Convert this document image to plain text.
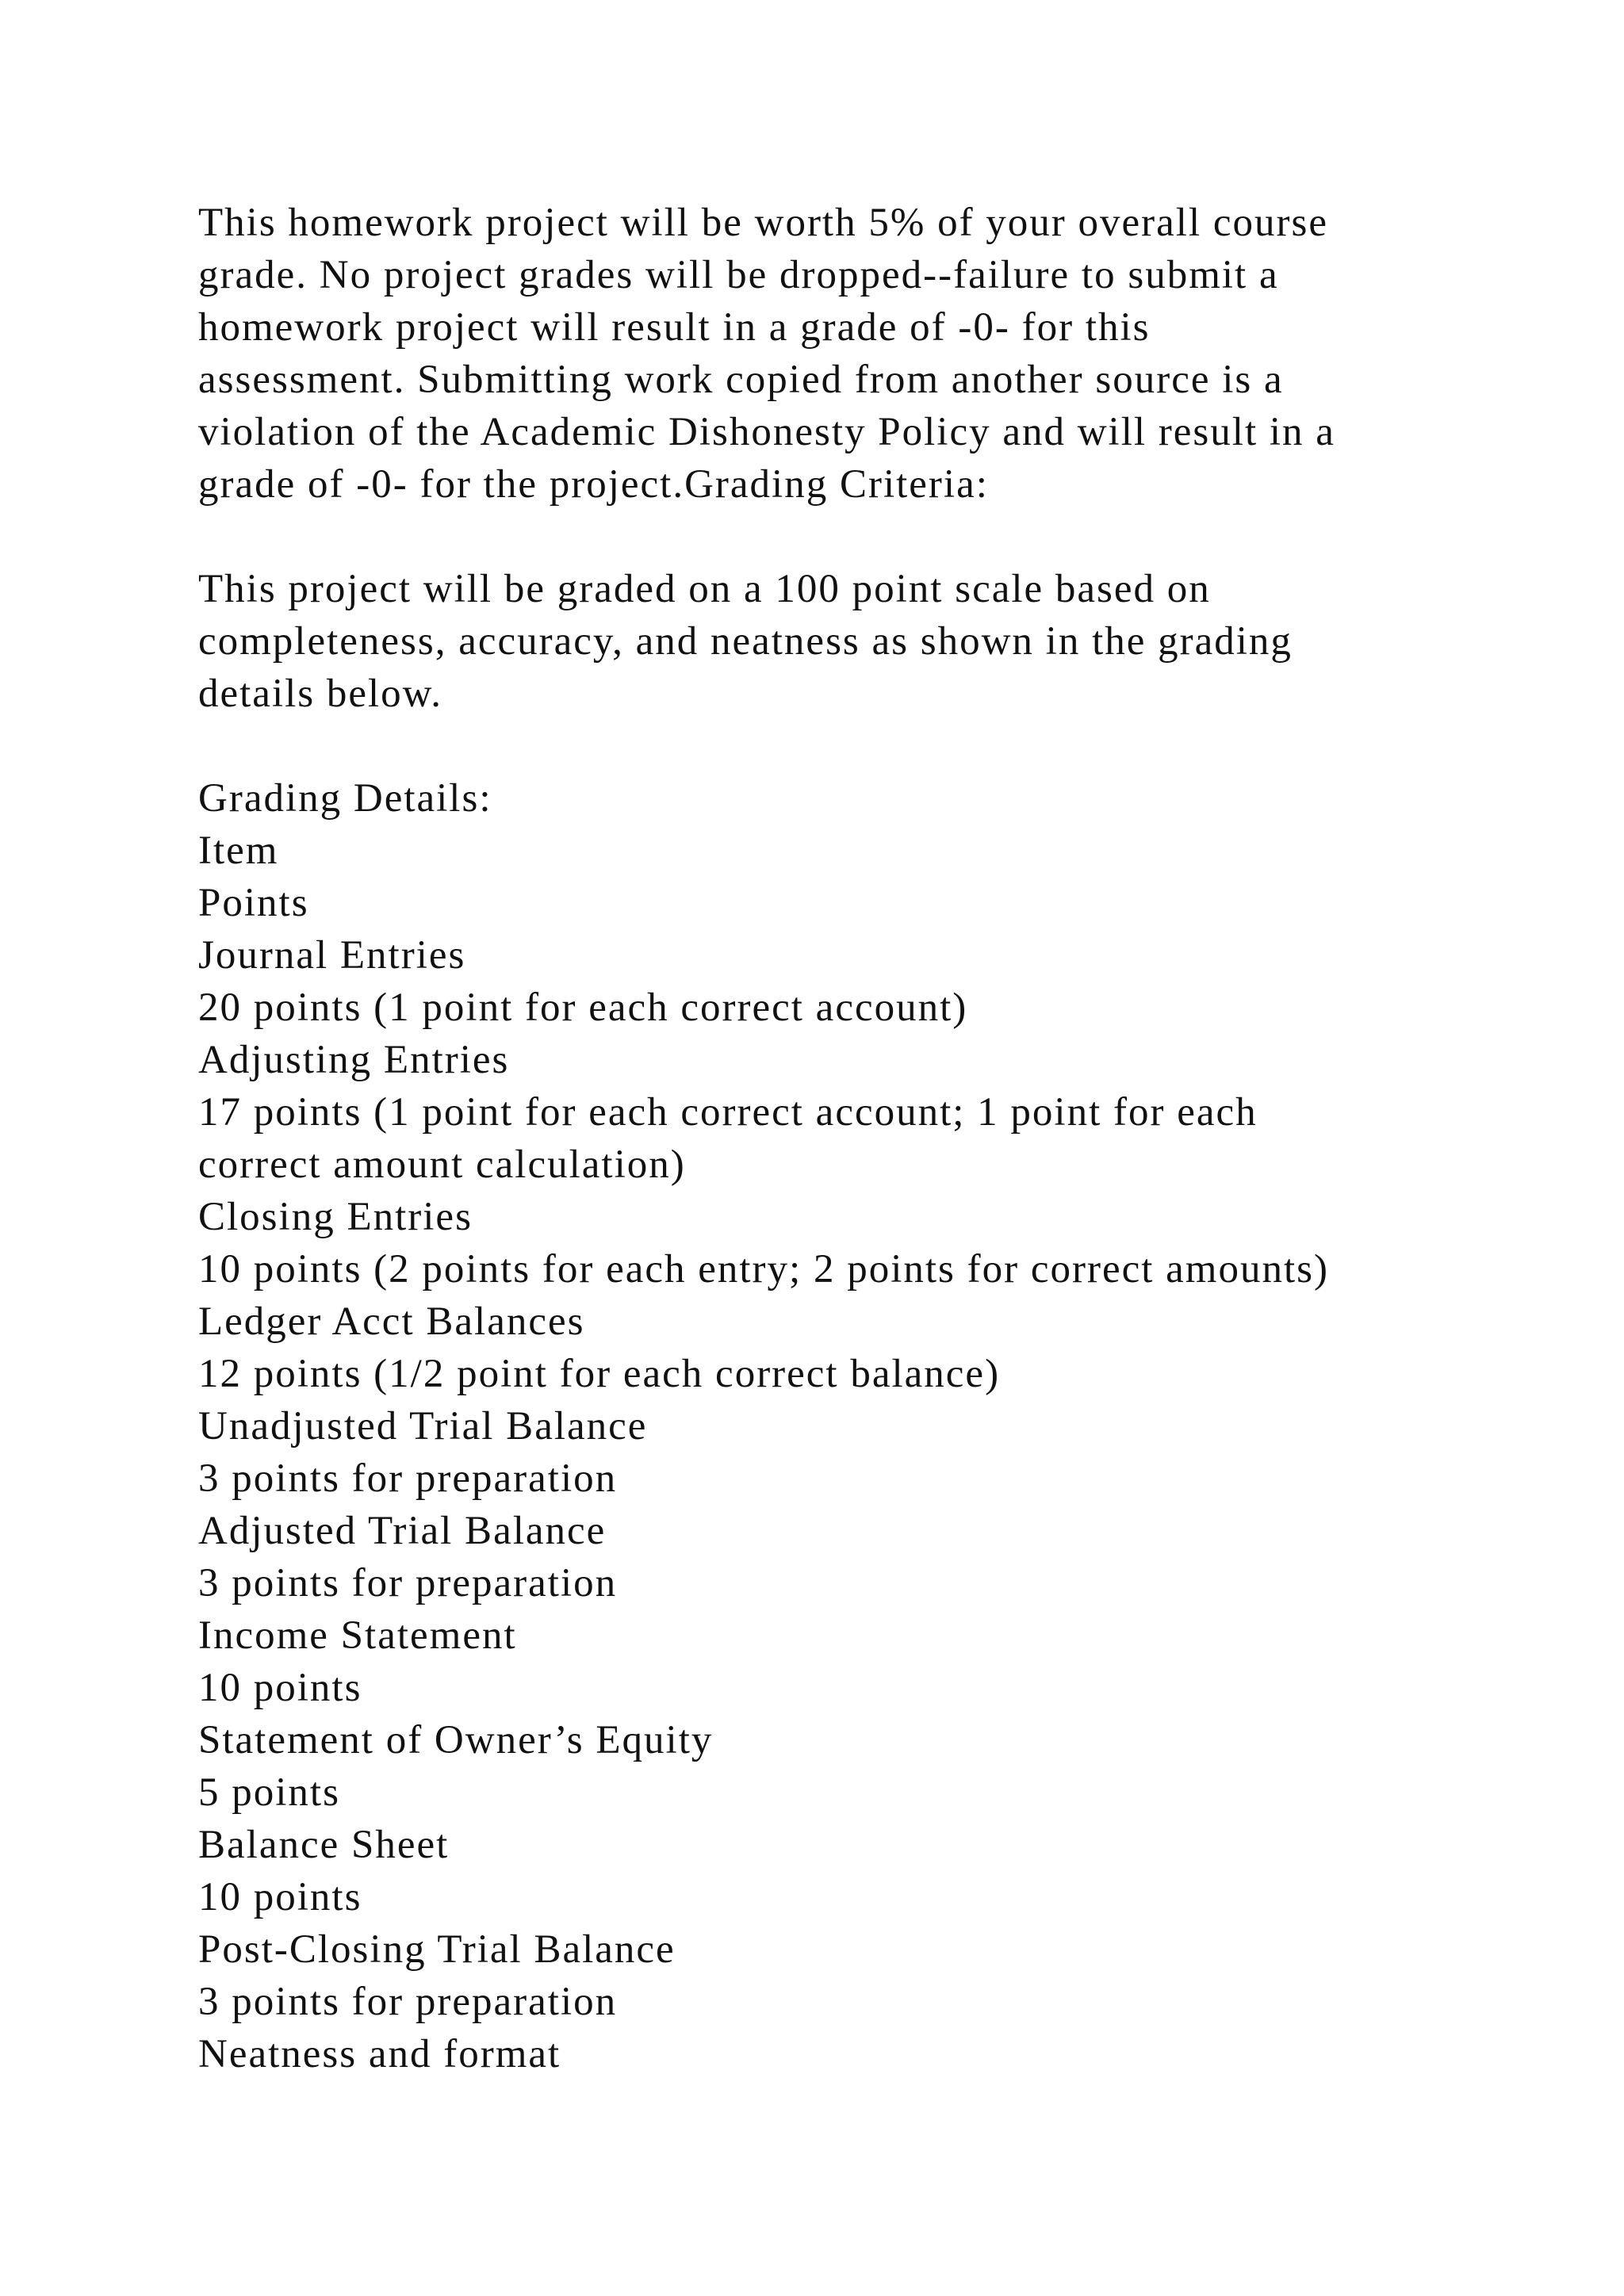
This homework project will be worth 5% of your overall course
grade. No project grades will be dropped--failure to submit a
homework project will result in a grade of -0- for this
assessment. Submitting work copied from another source is a
violation of the Academic Dishonesty Policy and will result in a
grade of -0- for the project.Grading Criteria:
This project will be graded on a 100 point scale based on
completeness, accuracy, and neatness as shown in the grading
details below.
Grading Details:
Item
Points
Journal Entries
20 points (1 point for each correct account)
Adjusting Entries
17 points (1 point for each correct account; 1 point for each
correct amount calculation)
Closing Entries
10 points (2 points for each entry; 2 points for correct amounts)
Ledger Acct Balances
12 points (1/2 point for each correct balance)
Unadjusted Trial Balance
3 points for preparation
Adjusted Trial Balance
3 points for preparation
Income Statement
10 points
Statement of Owner’s Equity
5 points
Balance Sheet
10 points
Post-Closing Trial Balance
3 points for preparation
Neatness and format
